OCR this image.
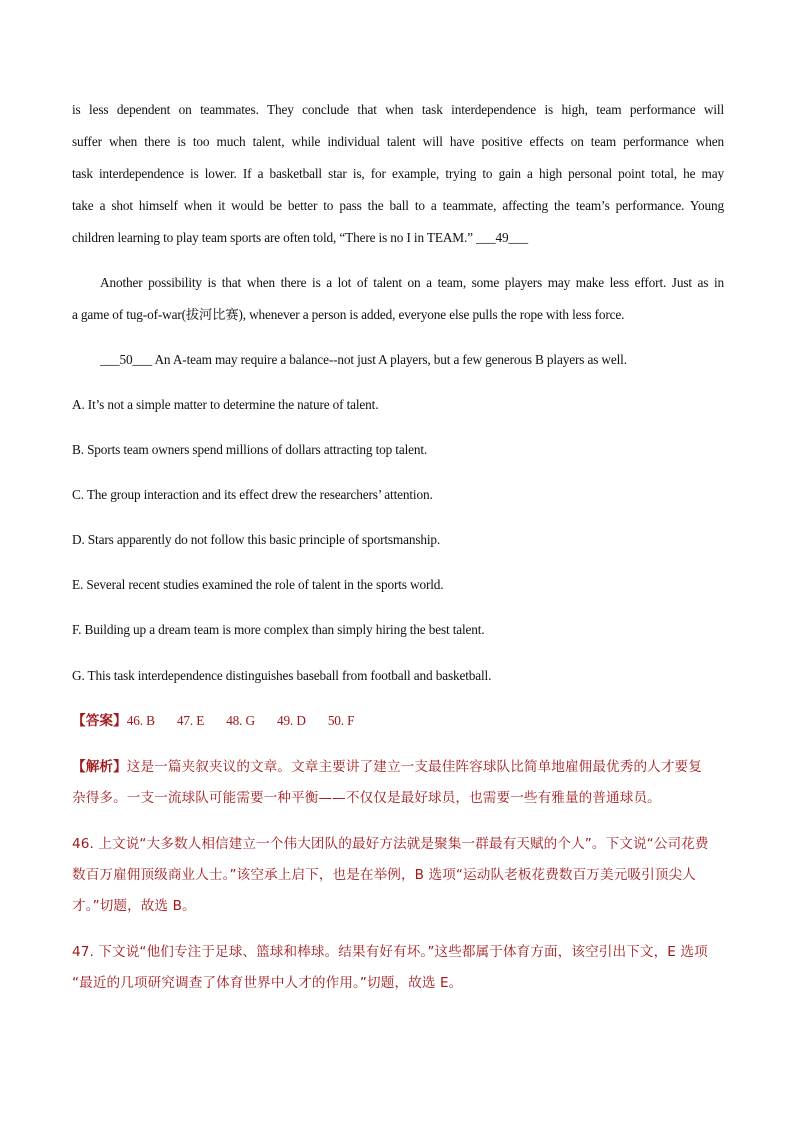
is less dependent on teammates. They conclude that when task interdependence is high, team performance will
suffer when there is too much talent, while individual talent will have positive effects on team performance when
task interdependence is lower. If a basketball star is, for example, trying to gain a high personal point total, he may
take a shot himself when it would be better to pass the ball to a teammate, affecting the team’s performance. Young
children learning to play team sports are often told, “There is no I in TEAM.” ___49___
Another possibility is that when there is a lot of talent on a team, some players may make less effort. Just as in
a game of tug-of-war(拔河比赛), whenever a person is added, everyone else pulls the rope with less force.
___50___ An A-team may require a balance--not just A players, but a few generous B players as well.
A. It’s not a simple matter to determine the nature of talent.
B. Sports team owners spend millions of dollars attracting top talent.
C. The group interaction and its effect drew the researchers’ attention.
D. Stars apparently do not follow this basic principle of sportsmanship.
E. Several recent studies examined the role of talent in the sports world.
F. Building up a dream team is more complex than simply hiring the best talent.
G. This task interdependence distinguishes baseball from football and basketball.
【答案】46. B 47. E 48. G 49. D 50. F
【解析】这是一篇夹叙夹议的文章。文章主要讲了建立一支最佳阵容球队比简单地雇佣最优秀的人才要复
杂得多。一支一流球队可能需要一种平衡——不仅仅是最好球员，也需要一些有雅量的普通球员。
46. 上文说“大多数人相信建立一个伟大团队的最好方法就是聚集一群最有天赋的个人”。下文说“公司花费
数百万雇佣顶级商业人士。”该空承上启下，也是在举例，B 选项“运动队老板花费数百万美元吸引顶尖人
才。”切题，故选 B。
47. 下文说“他们专注于足球、篮球和棒球。结果有好有坏。”这些都属于体育方面，该空引出下文，E 选项
“最近的几项研究调查了体育世界中人才的作用。”切题，故选 E。
